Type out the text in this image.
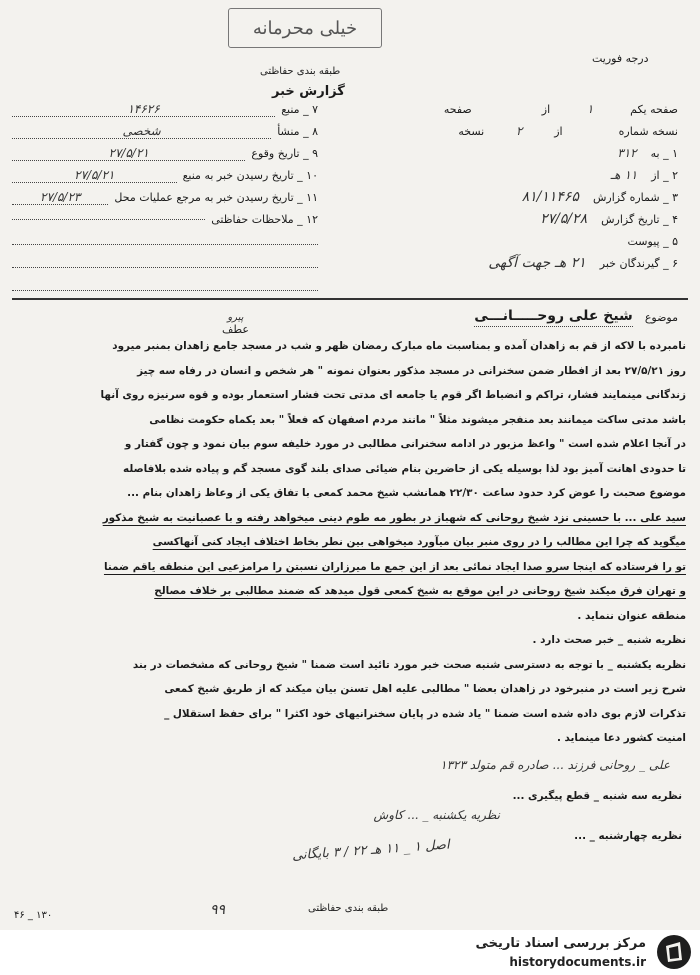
خیلی محرمانه
طبقه بندی حفاظتی
گزارش خبر
درجه فوریت
صفحه یکم
۱
از
صفحه
نسخه شماره
از
۲
نسخه
۱ _ به
۳۱۲
۲ _ از
۱۱ هـ
۳ _ شماره گزارش
۸۱/۱۱۴۶۵
۴ _ تاریخ گزارش
۲۷/۵/۲۸
۵ _ پیوست
۶ _ گیرندگان خبر
۲۱ هـ جهت آگهی
۷ _ منبع
۱۴۶۲۶
۸ _ منشأ
شخصی
۹ _ تاریخ وقوع
۲۷/۵/۲۱
۱۰ _ تاریخ رسیدن خبر به منبع
۲۷/۵/۲۱
۱۱ _ تاریخ رسیدن خبر به مرجع عملیات محل
۲۷/۵/۲۳
۱۲ _ ملاحظات حفاظتی
موضوع
شیخ علی روحـــــانـــی
پیرو
عطف

نامبرده با لاکه از قم به زاهدان آمده و بمناسبت ماه مبارک رمضان ظهر و شب در مسجد جامع زاهدان بمنبر میرود

روز ۲۷/۵/۲۱ بعد از افطار ضمن سخنرانی در مسجد مذکور بعنوان نمونه " هر شخص و انسان در رفاه سه چیز

زندگانی مینمایند فشار، تراکم و انضباط اگر قوم یا جامعه ای مدتی تحت فشار استعمار بوده و قوه سرنیزه روی آنها

باشد مدتی ساکت میمانند بعد منفجر میشوند مثلاً " مانند مردم اصفهان که فعلاً " بعد یکماه حکومت نظامی

در آنجا اعلام شده است " واعظ مزبور در ادامه سخنرانی مطالبی در مورد خلیفه سوم بیان نمود و چون گفتار و

تا حدودی اهانت آمیز بود لذا بوسیله یکی از حاضرین بنام ضیائی صدای بلند گوی مسجد گم و پیاده شده بلافاصله

موضوع صحبت را عوض کرد حدود ساعت ۲۲/۳۰ همانشب شیخ محمد کمعی با تفاق یکی از وعاظ زاهدان بنام ...

سید علی ... با حسینی نزد شیخ روحانی که شهباز در بطور مه طوم دینی میخواهد رفته و با عصبانیت به شیخ مذکور

میگوید که چرا این مطالب را در روی منبر بیان میآورد میخواهی بین نطر بخاط اختلاف ایجاد کنی آنهاکسی

تو را فرستاده که اینجا سرو صدا ایجاد نمائی بعد از این جمع ما میرزاران نسبتن را مرامزعیی این منطقه یاقم ضمنا

و تهران فرق میکند شیخ روحانی در این موقع به شیخ کمعی قول میدهد که ضمند مطالبی بر خلاف مصالح

منطقه عنوان ننماید .

نظریه شنبه _ خبر صحت دارد .

نظریه یکشنبه _ با توجه به دسترسی شنبه صحت خبر مورد تائید است ضمنا " شیخ روحانی که مشخصات در بند

شرح زیر است در منبرخود در زاهدان بعضا " مطالبی علیه اهل تسنن بیان میکند که از طریق شیخ کمعی

تذکرات لازم بوی داده شده است ضمنا " یاد شده در پایان سخنرانیهای خود اکثرا " برای حفظ استقلال _

امنیت کشور دعا مینماید .

علی _ روحانی فرزند ... صادره قم متولد ۱۳۲۳
نظریه سه شنبه _ قطع پیگیری ...
نظریه یکشنبه _ ... کاوش
نظریه چهارشنبه _ ...
اصل ۱ _ ۱۱ هـ ۲۲ / ۳ بایگانی
۹۹	طبقه بندی حفاظتی
۴۶ _ ۱۳۰
مرکز بررسی اسناد تاریخی
historydocuments.ir
